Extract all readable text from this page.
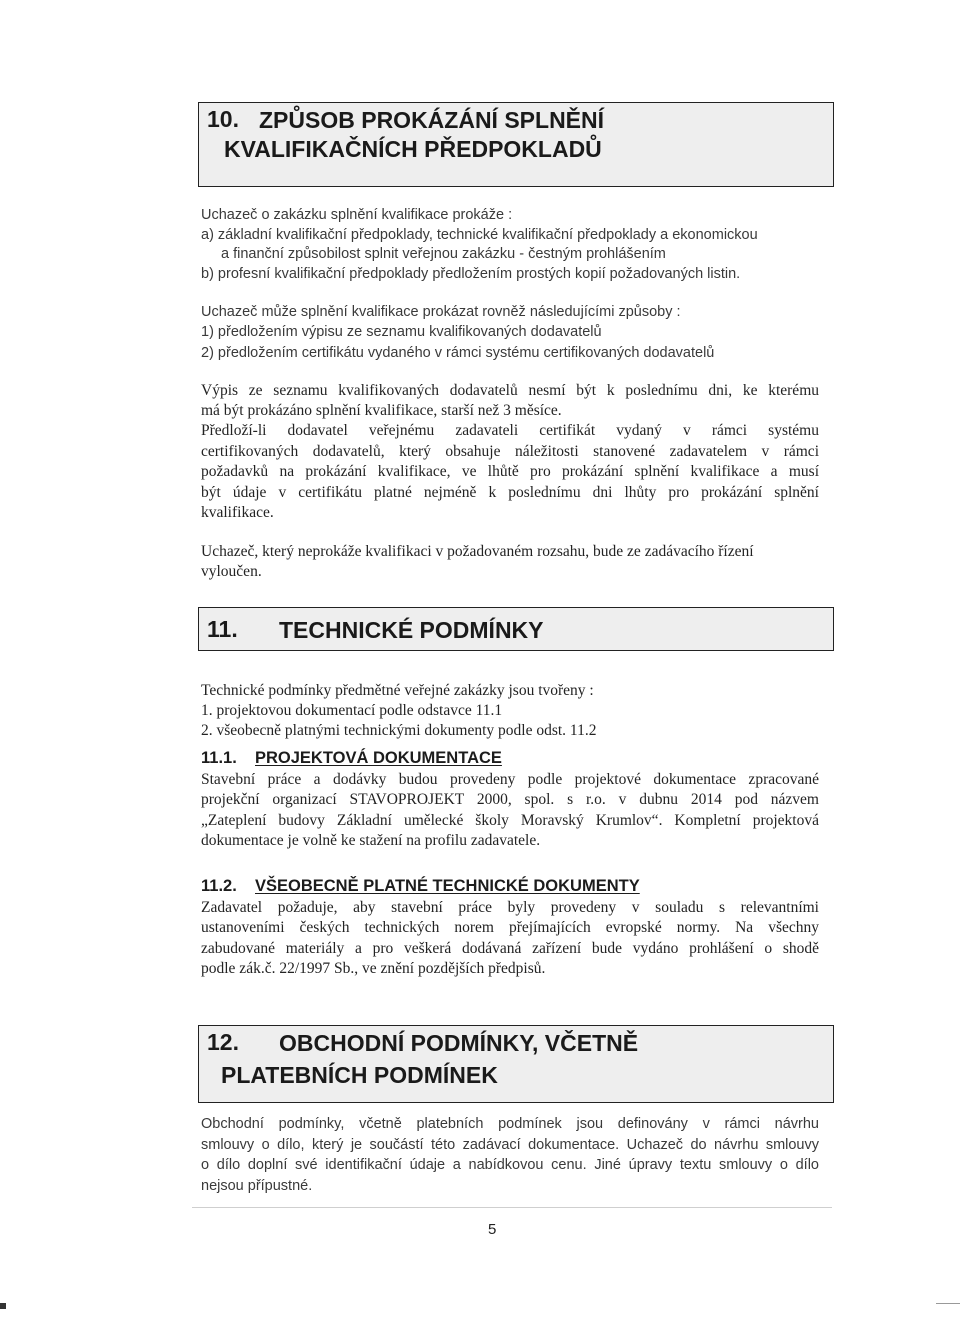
10. ZPŮSOB PROKÁZÁNÍ SPLNĚNÍ
KVALIFIKAČNÍCH PŘEDPOKLADŮ
Uchazeč o zakázku splnění kvalifikace prokáže :
a) základní kvalifikační předpoklady, technické kvalifikační předpoklady a ekonomickou
a finanční způsobilost splnit veřejnou zakázku - čestným prohlášením
b) profesní kvalifikační předpoklady předložením prostých kopií požadovaných listin.
Uchazeč může splnění kvalifikace prokázat rovněž následujícími způsoby :
1) předložením výpisu ze seznamu kvalifikovaných dodavatelů
2) předložením certifikátu vydaného v rámci systému certifikovaných dodavatelů
Výpis ze seznamu kvalifikovaných dodavatelů nesmí být k poslednímu dni, ke kterému
má být prokázáno splnění kvalifikace, starší než 3 měsíce.
Předloží-li dodavatel veřejnému zadavateli certifikát vydaný v rámci systému
certifikovaných dodavatelů, který obsahuje náležitosti stanovené zadavatelem v rámci
požadavků na prokázání kvalifikace, ve lhůtě pro prokázání splnění kvalifikace a musí
být údaje v certifikátu platné nejméně k poslednímu dni lhůty pro prokázání splnění
kvalifikace.
Uchazeč, který neprokáže kvalifikaci v požadovaném rozsahu, bude ze zadávacího řízení
vyloučen.
11. TECHNICKÉ PODMÍNKY
Technické podmínky předmětné veřejné zakázky jsou tvořeny :
1. projektovou dokumentací podle odstavce 11.1
2. všeobecně platnými technickými dokumenty podle odst. 11.2
11.1. PROJEKTOVÁ DOKUMENTACE
Stavební práce a dodávky budou provedeny podle projektové dokumentace zpracované
projekční organizací STAVOPROJEKT 2000, spol. s r.o. v dubnu 2014 pod názvem
„Zateplení budovy Základní umělecké školy Moravský Krumlov“. Kompletní projektová
dokumentace je volně ke stažení na profilu zadavatele.
11.2. VŠEOBECNĚ PLATNÉ TECHNICKÉ DOKUMENTY
Zadavatel požaduje, aby stavební práce byly provedeny v souladu s relevantními
ustanoveními českých technických norem přejímajících evropské normy. Na všechny
zabudované materiály a pro veškerá dodávaná zařízení bude vydáno prohlášení o shodě
podle zák.č. 22/1997 Sb., ve znění pozdějších předpisů.
12. OBCHODNÍ PODMÍNKY, VČETNĚ
PLATEBNÍCH PODMÍNEK
Obchodní podmínky, včetně platebních podmínek jsou definovány v rámci návrhu
smlouvy o dílo, který je součástí této zadávací dokumentace. Uchazeč do návrhu smlouvy
o dílo doplní své identifikační údaje a nabídkovou cenu. Jiné úpravy textu smlouvy o dílo
nejsou přípustné.
5
